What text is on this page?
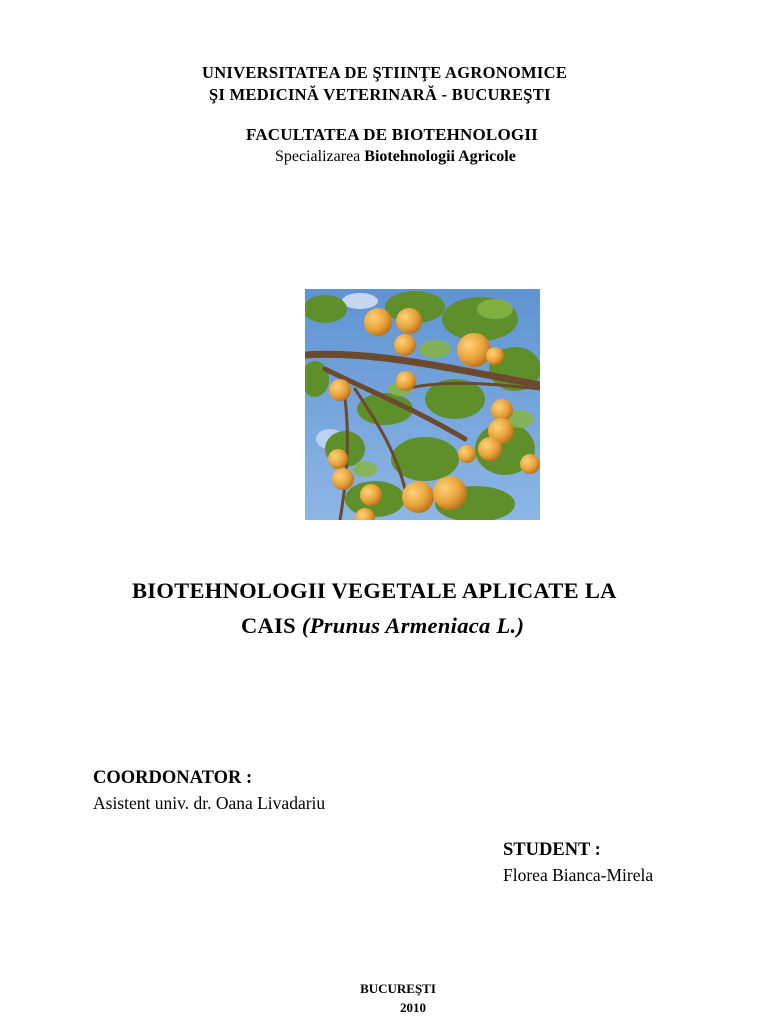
UNIVERSITATEA DE ŞTIINŢE AGRONOMICE

ŞI MEDICINĂ VETERINARĂ - BUCUREŞTI

FACULTATEA DE BIOTEHNOLOGII

Specializarea Biotehnologii Agricole

BIOTEHNOLOGII VEGETALE APLICATE LA

CAIS (Prunus Armeniaca L.)

COORDONATOR :

Asistent univ. dr. Oana Livadariu

STUDENT :

Florea Bianca-Mirela

BUCUREŞTI

2010
